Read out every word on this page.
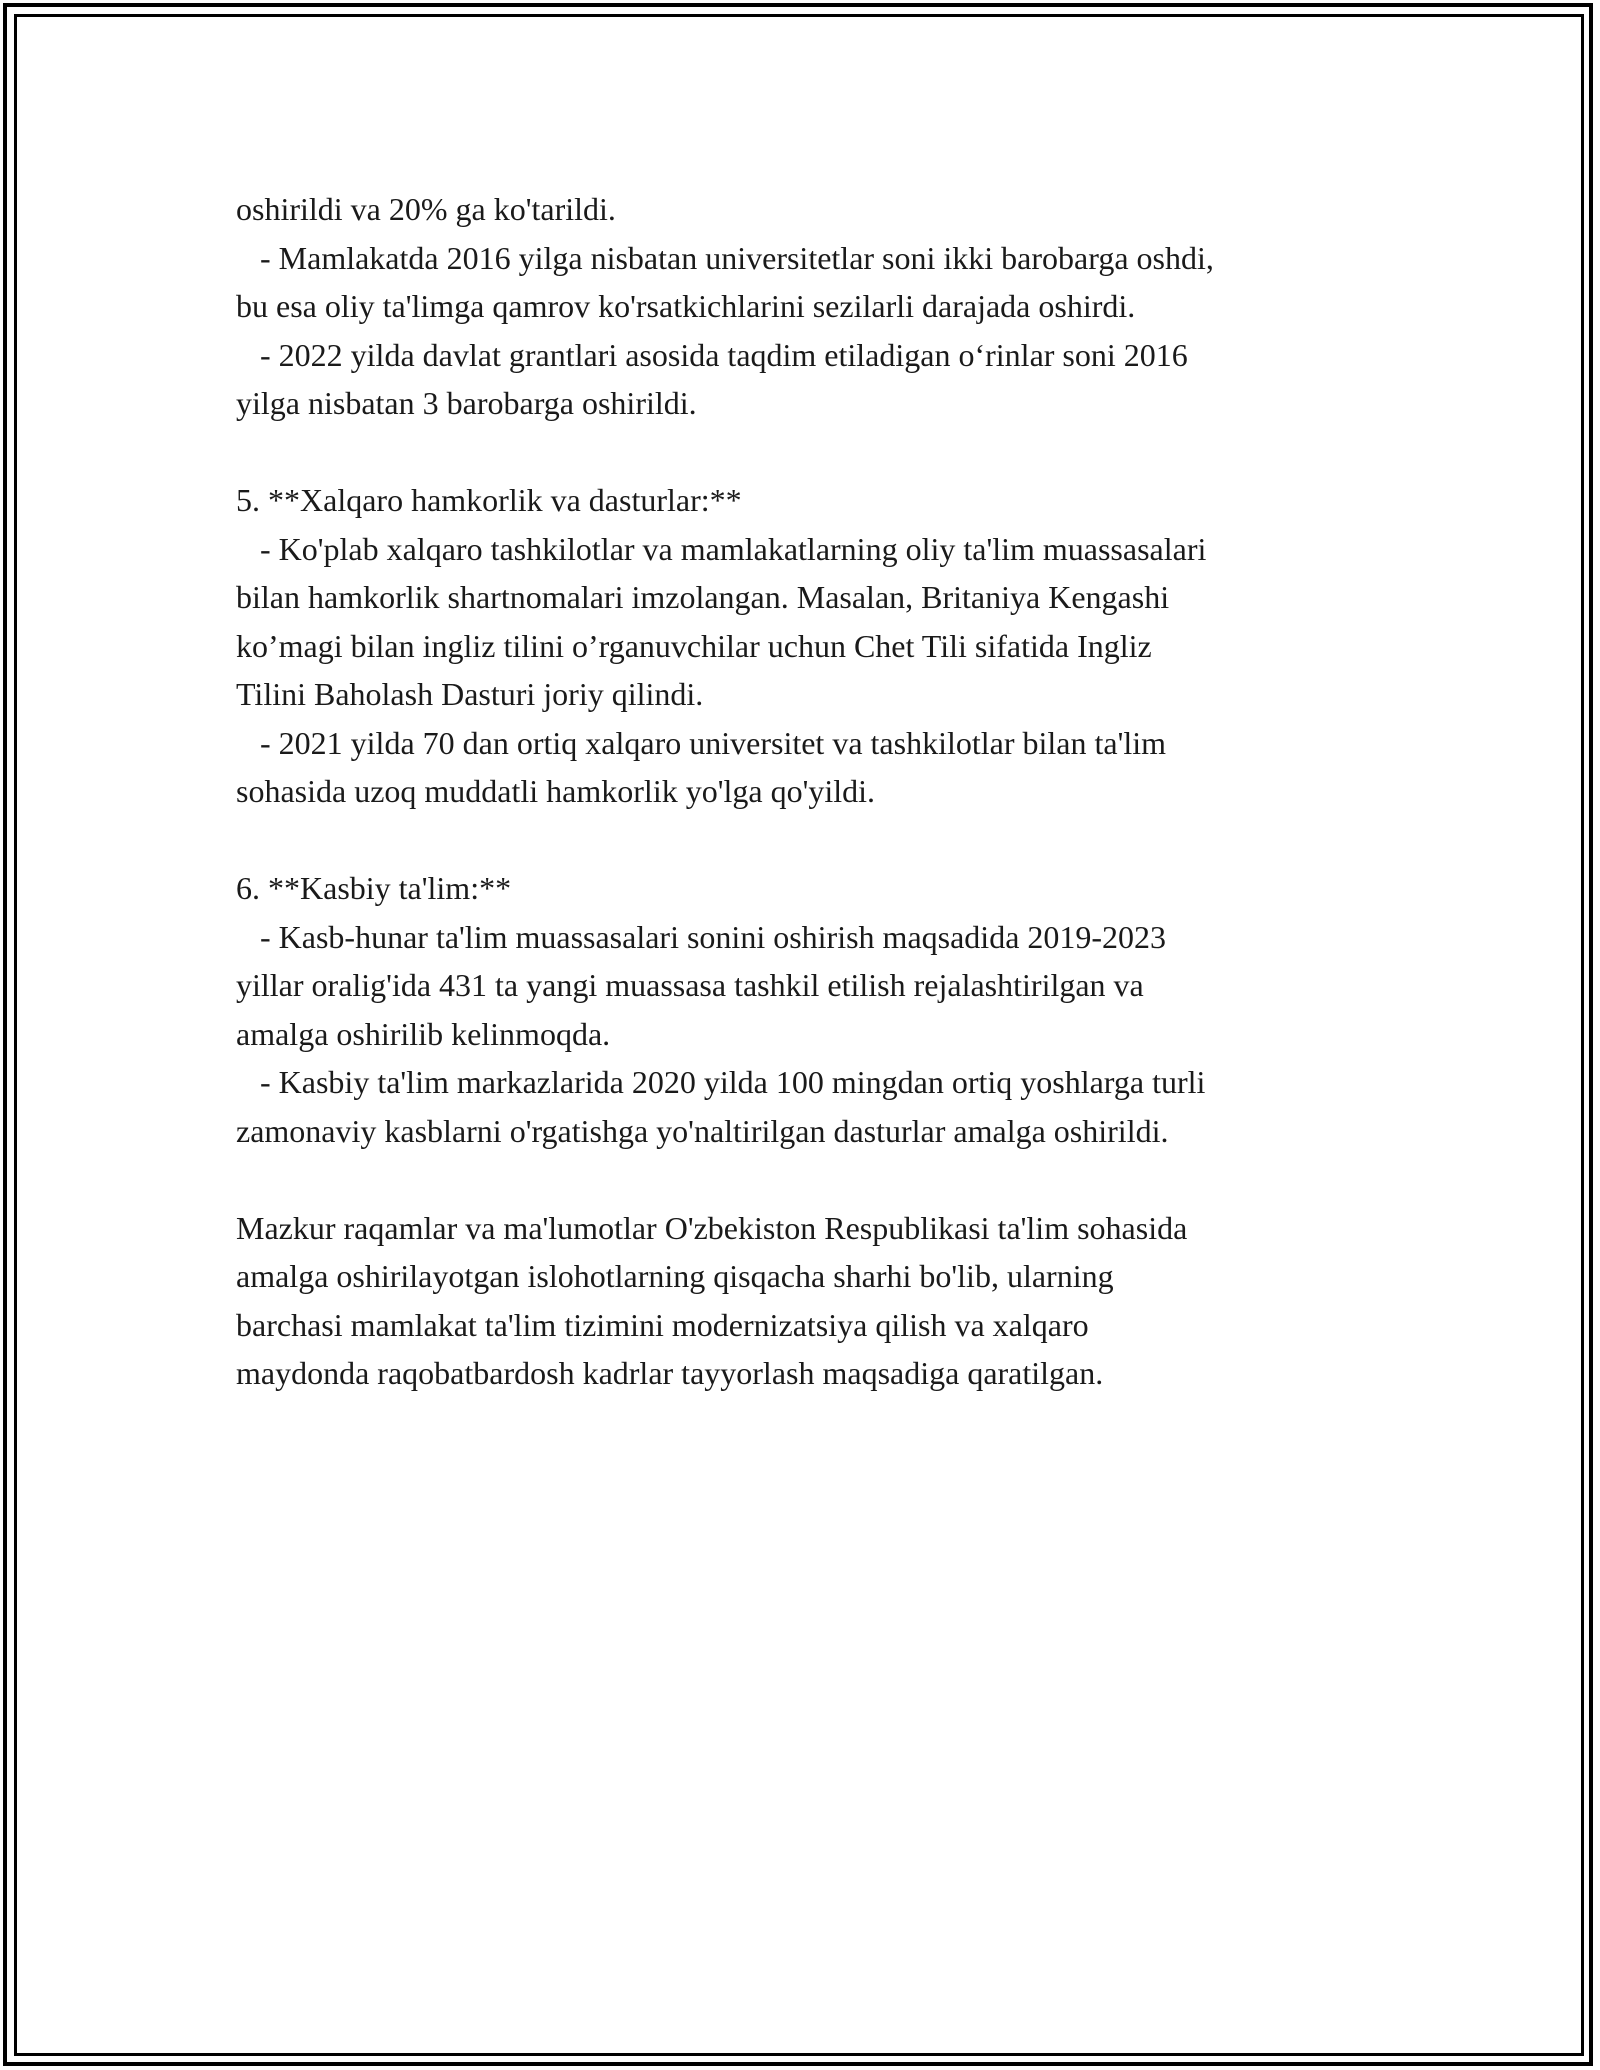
oshirildi va 20% ga ko'tarildi.
- Mamlakatda 2016 yilga nisbatan universitetlar soni ikki barobarga oshdi,
bu esa oliy ta'limga qamrov ko'rsatkichlarini sezilarli darajada oshirdi.
- 2022 yilda davlat grantlari asosida taqdim etiladigan o‘rinlar soni 2016
yilga nisbatan 3 barobarga oshirildi.
5. **Xalqaro hamkorlik va dasturlar:**
- Ko'plab xalqaro tashkilotlar va mamlakatlarning oliy ta'lim muassasalari
bilan hamkorlik shartnomalari imzolangan. Masalan, Britaniya Kengashi
ko’magi bilan ingliz tilini o’rganuvchilar uchun Chet Tili sifatida Ingliz
Tilini Baholash Dasturi joriy qilindi.
- 2021 yilda 70 dan ortiq xalqaro universitet va tashkilotlar bilan ta'lim
sohasida uzoq muddatli hamkorlik yo'lga qo'yildi.
6. **Kasbiy ta'lim:**
- Kasb-hunar ta'lim muassasalari sonini oshirish maqsadida 2019-2023
yillar oralig'ida 431 ta yangi muassasa tashkil etilish rejalashtirilgan va
amalga oshirilib kelinmoqda.
- Kasbiy ta'lim markazlarida 2020 yilda 100 mingdan ortiq yoshlarga turli
zamonaviy kasblarni o'rgatishga yo'naltirilgan dasturlar amalga oshirildi.
Mazkur raqamlar va ma'lumotlar O'zbekiston Respublikasi ta'lim sohasida
amalga oshirilayotgan islohotlarning qisqacha sharhi bo'lib, ularning
barchasi mamlakat ta'lim tizimini modernizatsiya qilish va xalqaro
maydonda raqobatbardosh kadrlar tayyorlash maqsadiga qaratilgan.
